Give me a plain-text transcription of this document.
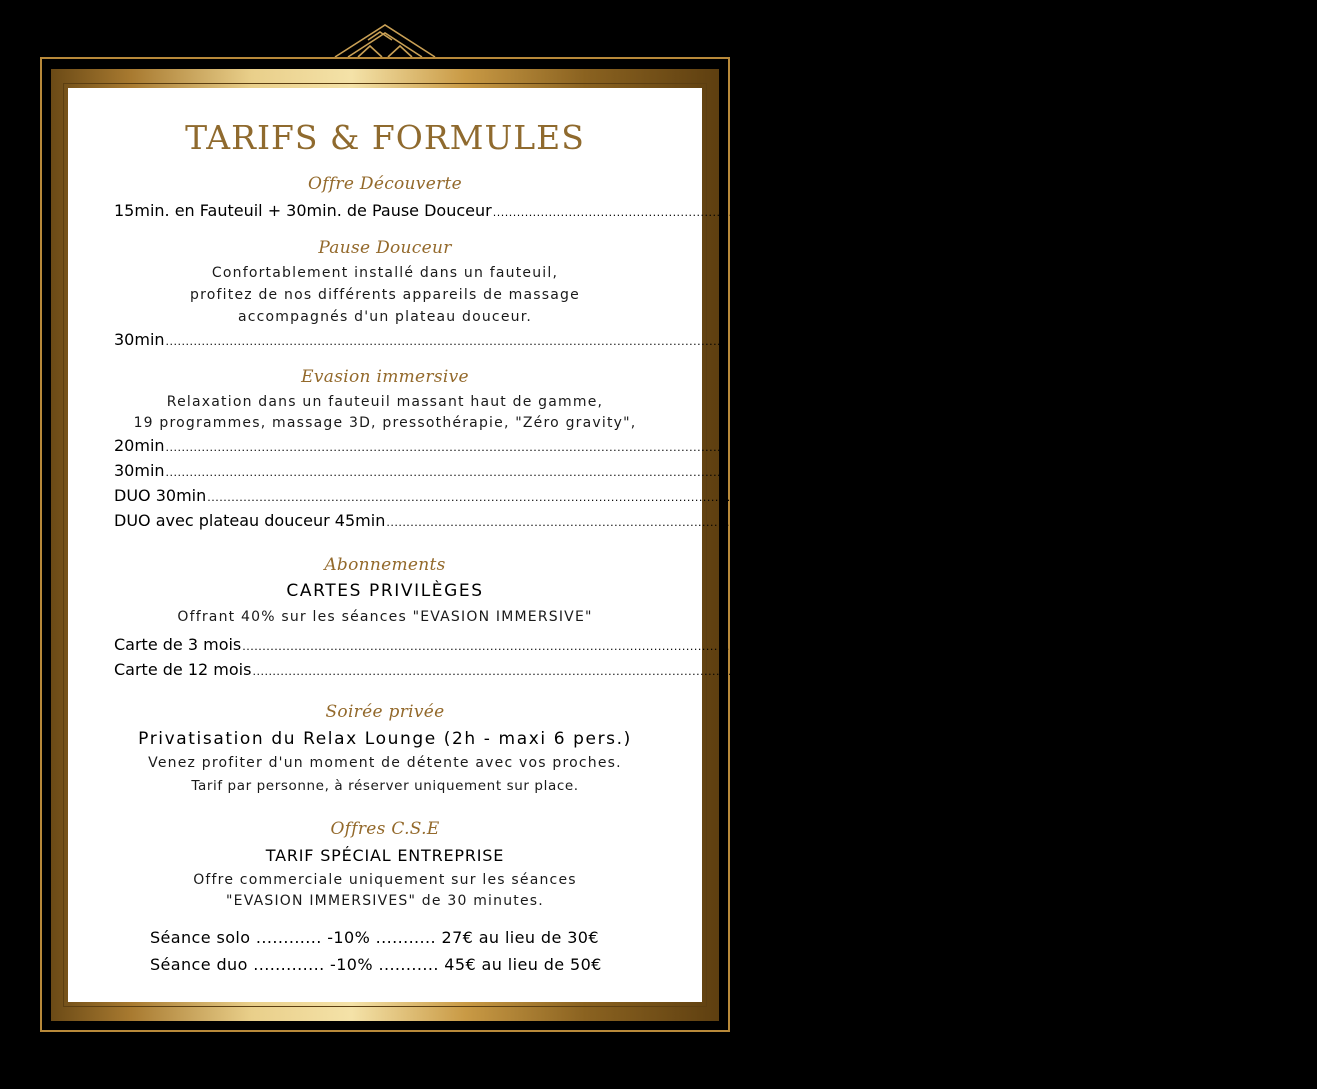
TARIFS & FORMULES
Offre Découverte
15min. en Fauteuil + 30min. de Pause Douceur ................................................................................................................................................................................................ 30.00€
Pause Douceur
Confortablement installé dans un fauteuil,
profitez de nos différents appareils de massage
accompagnés d'un plateau douceur.
30min ................................................................................................................................................................................................ 15.00€
Evasion immersive
Relaxation dans un fauteuil massant haut de gamme,
19 programmes, massage 3D, pressothérapie, "Zéro gravity",
20min ................................................................................................................................................................................................ 20.00€
30min ................................................................................................................................................................................................ 30.00€
DUO 30min ................................................................................................................................................................................................ 50.00€
DUO avec plateau douceur 45min ................................................................................................................................................................................................ 65.00€
Abonnements
CARTES PRIVILÈGES
Offrant 40% sur les séances "EVASION IMMERSIVE"
Carte de 3 mois ................................................................................................................................................................................................ 36.00€
Carte de 12 mois ................................................................................................................................................................................................ 120.00€
Soirée privée
Privatisation du Relax Lounge (2h - maxi 6 pers.)
Venez profiter d'un moment de détente avec vos proches.
Tarif par personne, à réserver uniquement sur place.
Offres C.S.E
TARIF SPÉCIAL ENTREPRISE
Offre commerciale uniquement sur les séances
"EVASION IMMERSIVES" de 30 minutes.
Séance solo ............ -10% ........... 27€ au lieu de 30€
Séance duo ............. -10% ........... 45€ au lieu de 50€
